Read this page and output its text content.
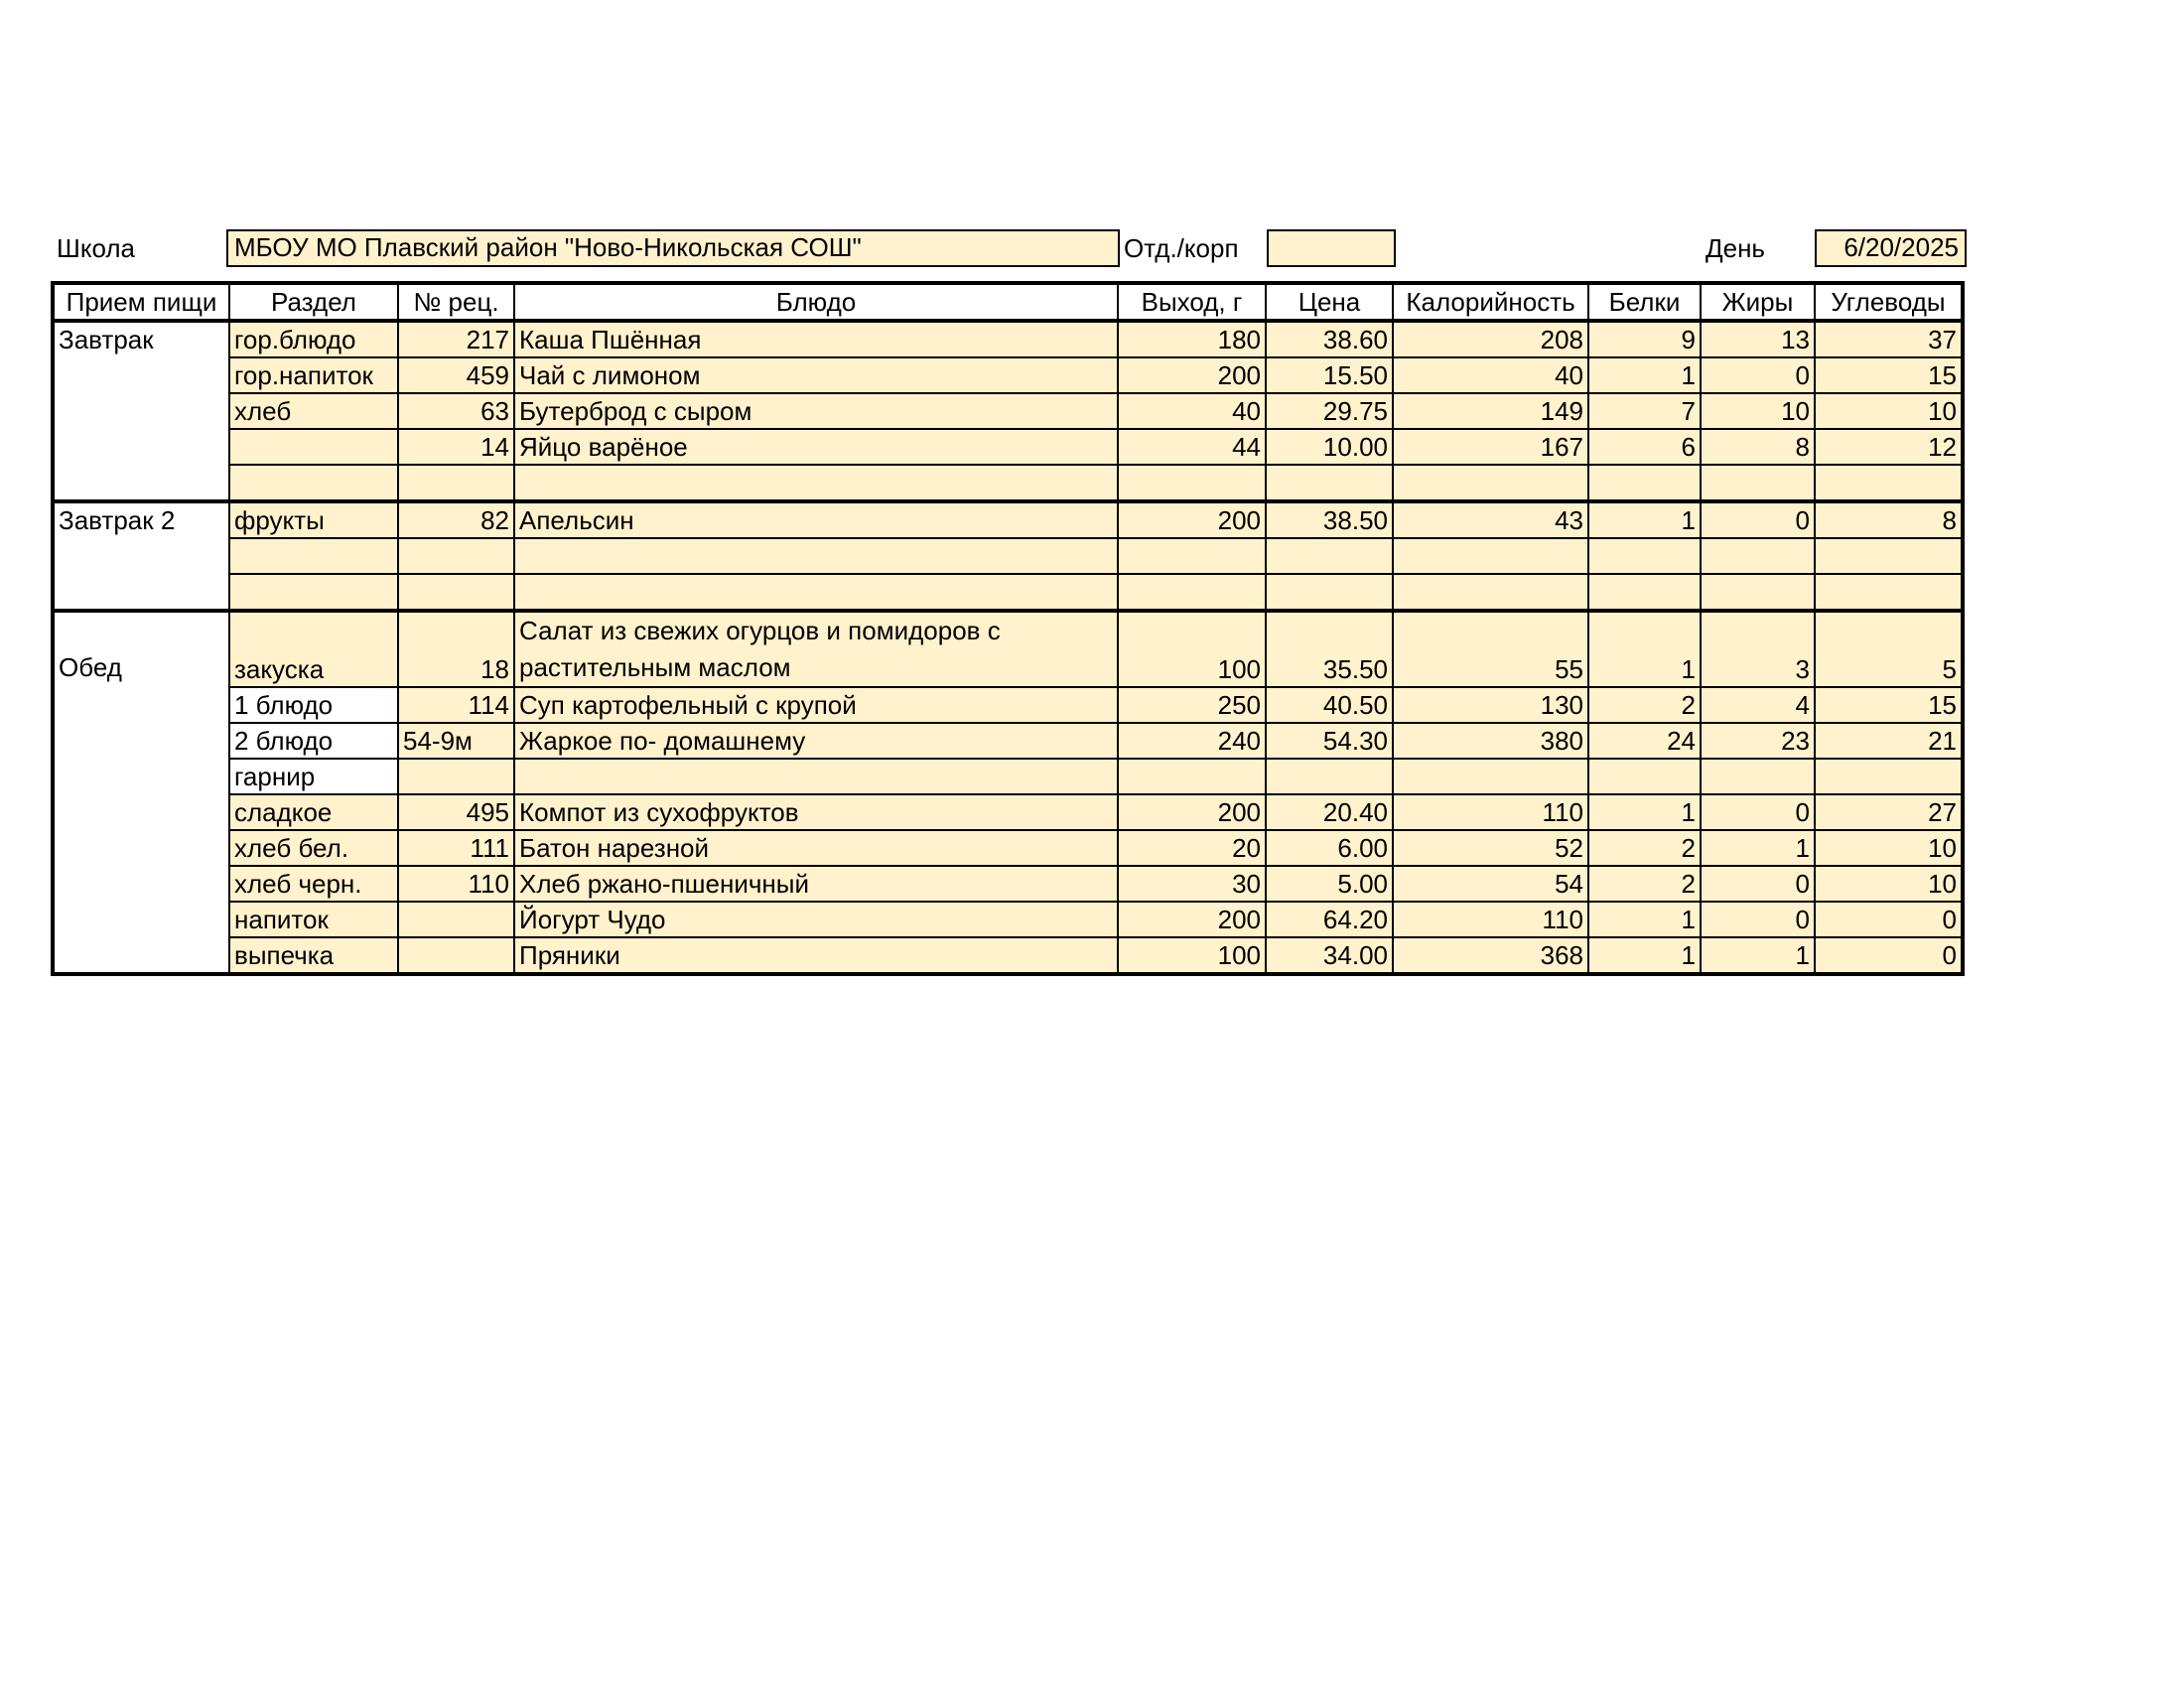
Школа	МБОУ МО Плавский район "Ново-Никольская СОШ"	Отд./корп	День	6/20/2025
Прием пищи	Раздел	№ рец.	Блюдо	Выход, г	Цена	Калорийность	Белки	Жиры	Углеводы
Завтрак	гор.блюдо	217	Каша Пшённая	180	38.60	208	9	13	37
	гор.напиток	459	Чай с лимоном	200	15.50	40	1	0	15
	хлеб	63	Бутерброд с сыром	40	29.75	149	7	10	10
		14	Яйцо варёное	44	10.00	167	6	8	12

Завтрак 2	фрукты	82	Апельсин	200	38.50	43	1	0	8

Обед	закуска	18	Салат из свежих огурцов и помидоров с растительным маслом	100	35.50	55	1	3	5
	1 блюдо	114	Суп картофельный с крупой	250	40.50	130	2	4	15
	2 блюдо	54-9м	Жаркое по- домашнему	240	54.30	380	24	23	21
	гарнир								
	сладкое	495	Компот из сухофруктов	200	20.40	110	1	0	27
	хлеб бел.	111	Батон нарезной	20	6.00	52	2	1	10
	хлеб черн.	110	Хлеб ржано-пшеничный	30	5.00	54	2	0	10
	напиток		Йогурт Чудо	200	64.20	110	1	0	0
	выпечка		Пряники	100	34.00	368	1	1	0
